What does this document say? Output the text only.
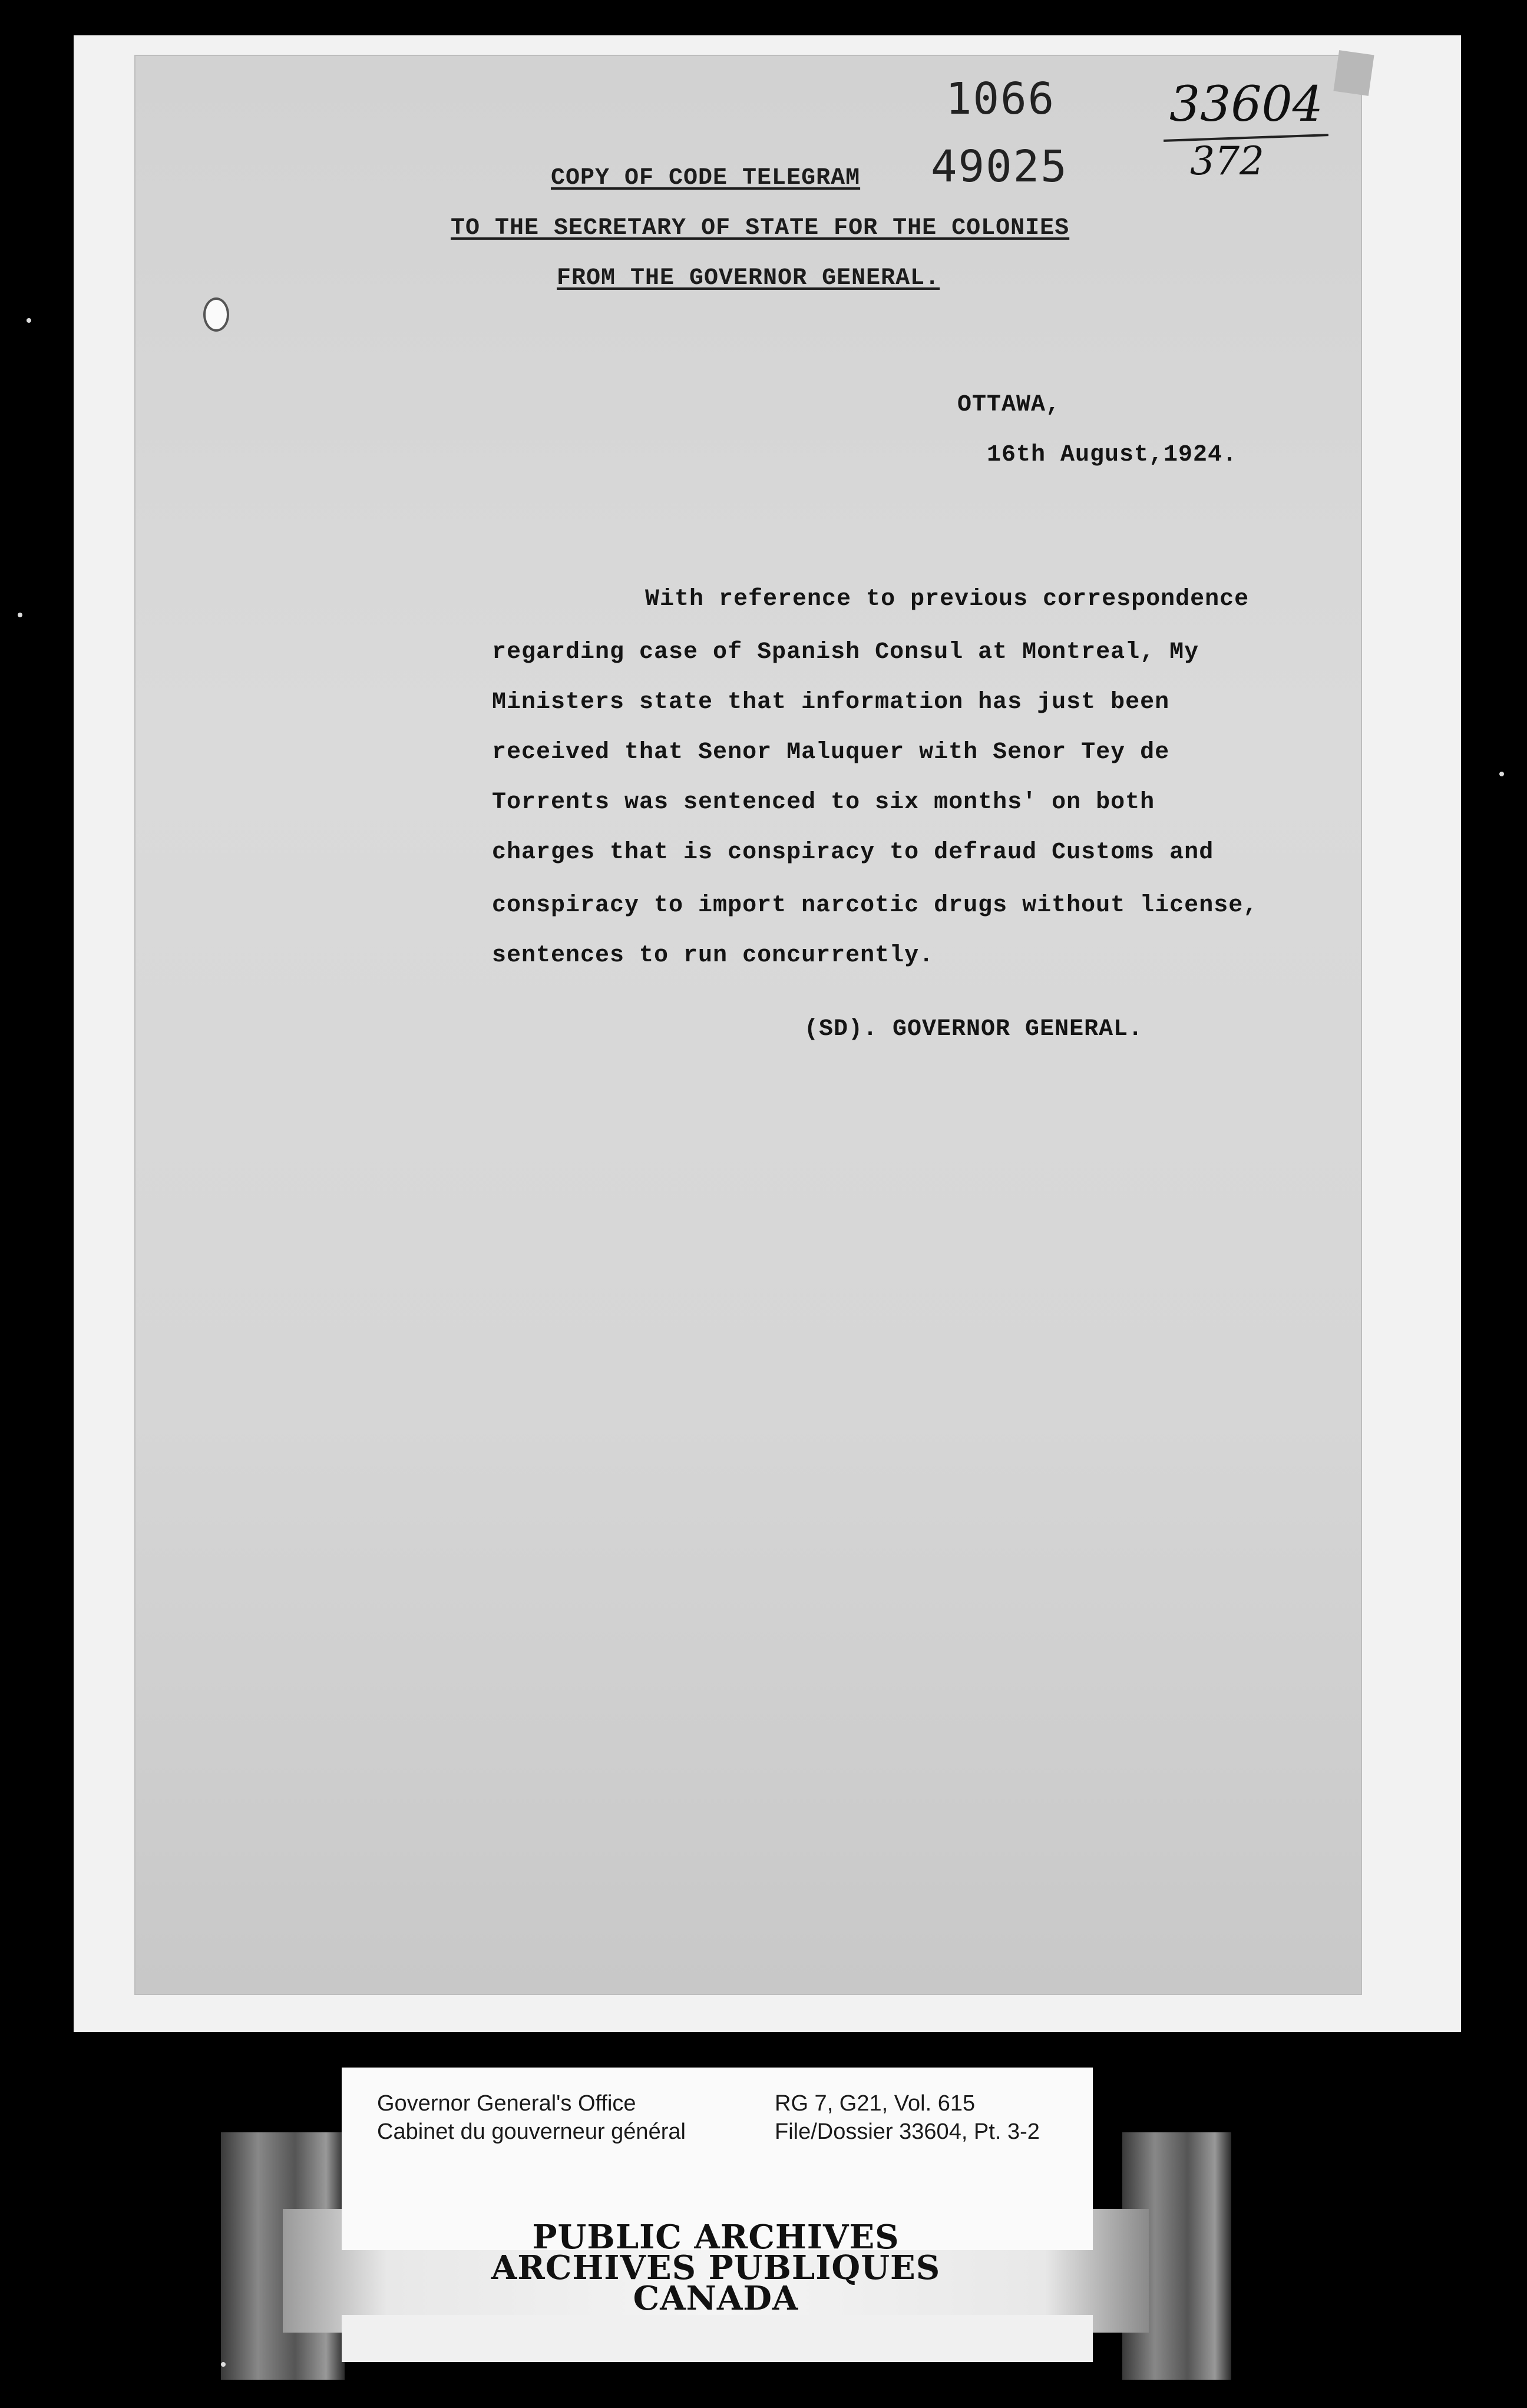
1066
49025
33604
372
COPY OF CODE TELEGRAM
TO THE SECRETARY OF STATE FOR THE COLONIES
FROM THE GOVERNOR GENERAL.
OTTAWA,
16th August,1924.
With reference to previous correspondence
regarding case of Spanish Consul at Montreal, My
Ministers state that information has just been
received that Senor Maluquer with Senor Tey de
Torrents was sentenced to six months' on both
charges that is conspiracy to defraud Customs and
conspiracy to import narcotic drugs without license,
sentences to run concurrently.
(SD). GOVERNOR GENERAL.
Governor General's Office
Cabinet du gouverneur général
RG 7, G21, Vol. 615
File/Dossier 33604, Pt. 3-2
PUBLIC ARCHIVES
ARCHIVES PUBLIQUES
CANADA
